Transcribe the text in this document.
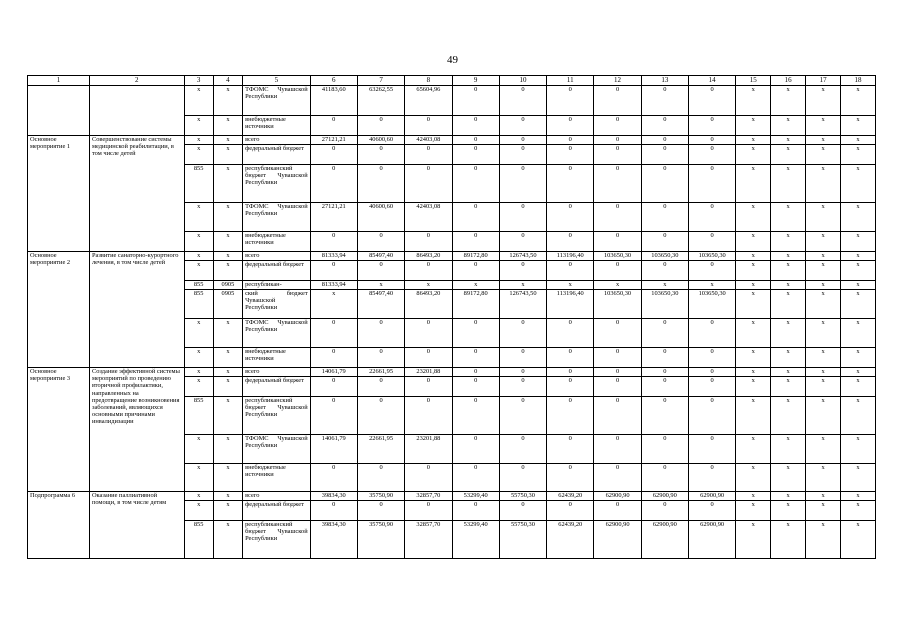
49
1	2	3	4	5	6	7	8	9	10	11	12	13	14	15	16	17	18
		x	x	ТФОМС Чувашской Республики	41183,60	63262,55	65604,96	0	0	0	0	0	0	x	x	x	x
		x	x	внебюджетные источники	0	0	0	0	0	0	0	0	0	x	x	x	x
Основное мероприятие 1	Совершенствование системы медицинской реабилитации, в том числе детей	x	x	всего	27121,21	40600,60	42403,08	0	0	0	0	0	0	x	x	x	x
		x	x	федеральный бюджет	0	0	0	0	0	0	0	0	0	x	x	x	x
		855	x	республиканский бюджет Чувашской Республики	0	0	0	0	0	0	0	0	0	x	x	x	x
		x	x	ТФОМС Чувашской Республики	27121,21	40600,60	42403,08	0	0	0	0	0	0	x	x	x	x
		x	x	внебюджетные источники	0	0	0	0	0	0	0	0	0	x	x	x	x
Основное мероприятие 2	Развитие санаторно-курортного лечения, в том числе детей	x	x	всего	81333,94	85497,40	86493,20	89172,80	126743,50	113196,40	103650,30	103650,30	103650,30	x	x	x	x
		x	x	федеральный бюджет	0	0	0	0	0	0	0	0	0	x	x	x	x
		855	0905	республикан-	81333,94	x	x	x	x	x	x	x	x	x	x	x	x
		855	0905	ский бюджет Чувашской Республики	x	85497,40	86493,20	89172,80	126743,50	113196,40	103650,30	103650,30	103650,30	x	x	x	x
		x	x	ТФОМС Чувашской Республики	0	0	0	0	0	0	0	0	0	x	x	x	x
		x	x	внебюджетные источники	0	0	0	0	0	0	0	0	0	x	x	x	x
Основное мероприятие 3	Создание эффективной системы мероприятий по проведению вторичной профилактики, направленных на предотвращение возникновения заболеваний, являющихся основными причинами инвалидизации	x	x	всего	14061,79	22661,95	23201,88	0	0	0	0	0	0	x	x	x	x
		x	x	федеральный бюджет	0	0	0	0	0	0	0	0	0	x	x	x	x
		855	x	республиканский бюджет Чувашской Республики	0	0	0	0	0	0	0	0	0	x	x	x	x
		x	x	ТФОМС Чувашской Республики	14061,79	22661,95	23201,88	0	0	0	0	0	0	x	x	x	x
		x	x	внебюджетные источники	0	0	0	0	0	0	0	0	0	x	x	x	x
Подпрограмма 6	Оказание паллиативной помощи, в том числе детям	x	x	всего	39834,30	35750,90	32857,70	53299,40	55750,30	62439,20	62900,90	62900,90	62900,90	x	x	x	x
		x	x	федеральный бюджет	0	0	0	0	0	0	0	0	0	x	x	x	x
		855	x	республиканский бюджет Чувашской Республики	39834,30	35750,90	32857,70	53299,40	55750,30	62439,20	62900,90	62900,90	62900,90	x	x	x	x
